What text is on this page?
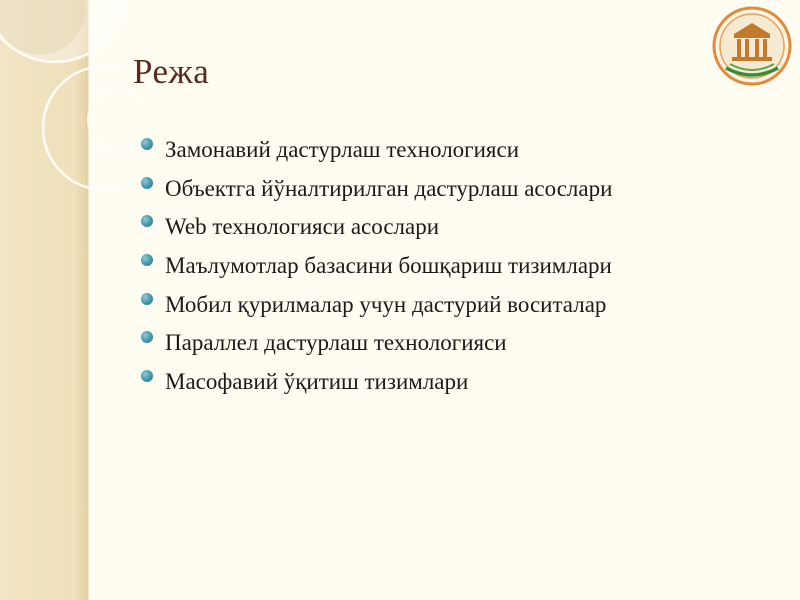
Режа
Замонавий дастурлаш технологияси
Объектга йўналтирилган дастурлаш асослари
Web технологияси асослари
Маълумотлар базасини бошқариш тизимлари
Мобил қурилмалар учун дастурий воситалар
Параллел дастурлаш технологияси
Масофавий ўқитиш тизимлари
